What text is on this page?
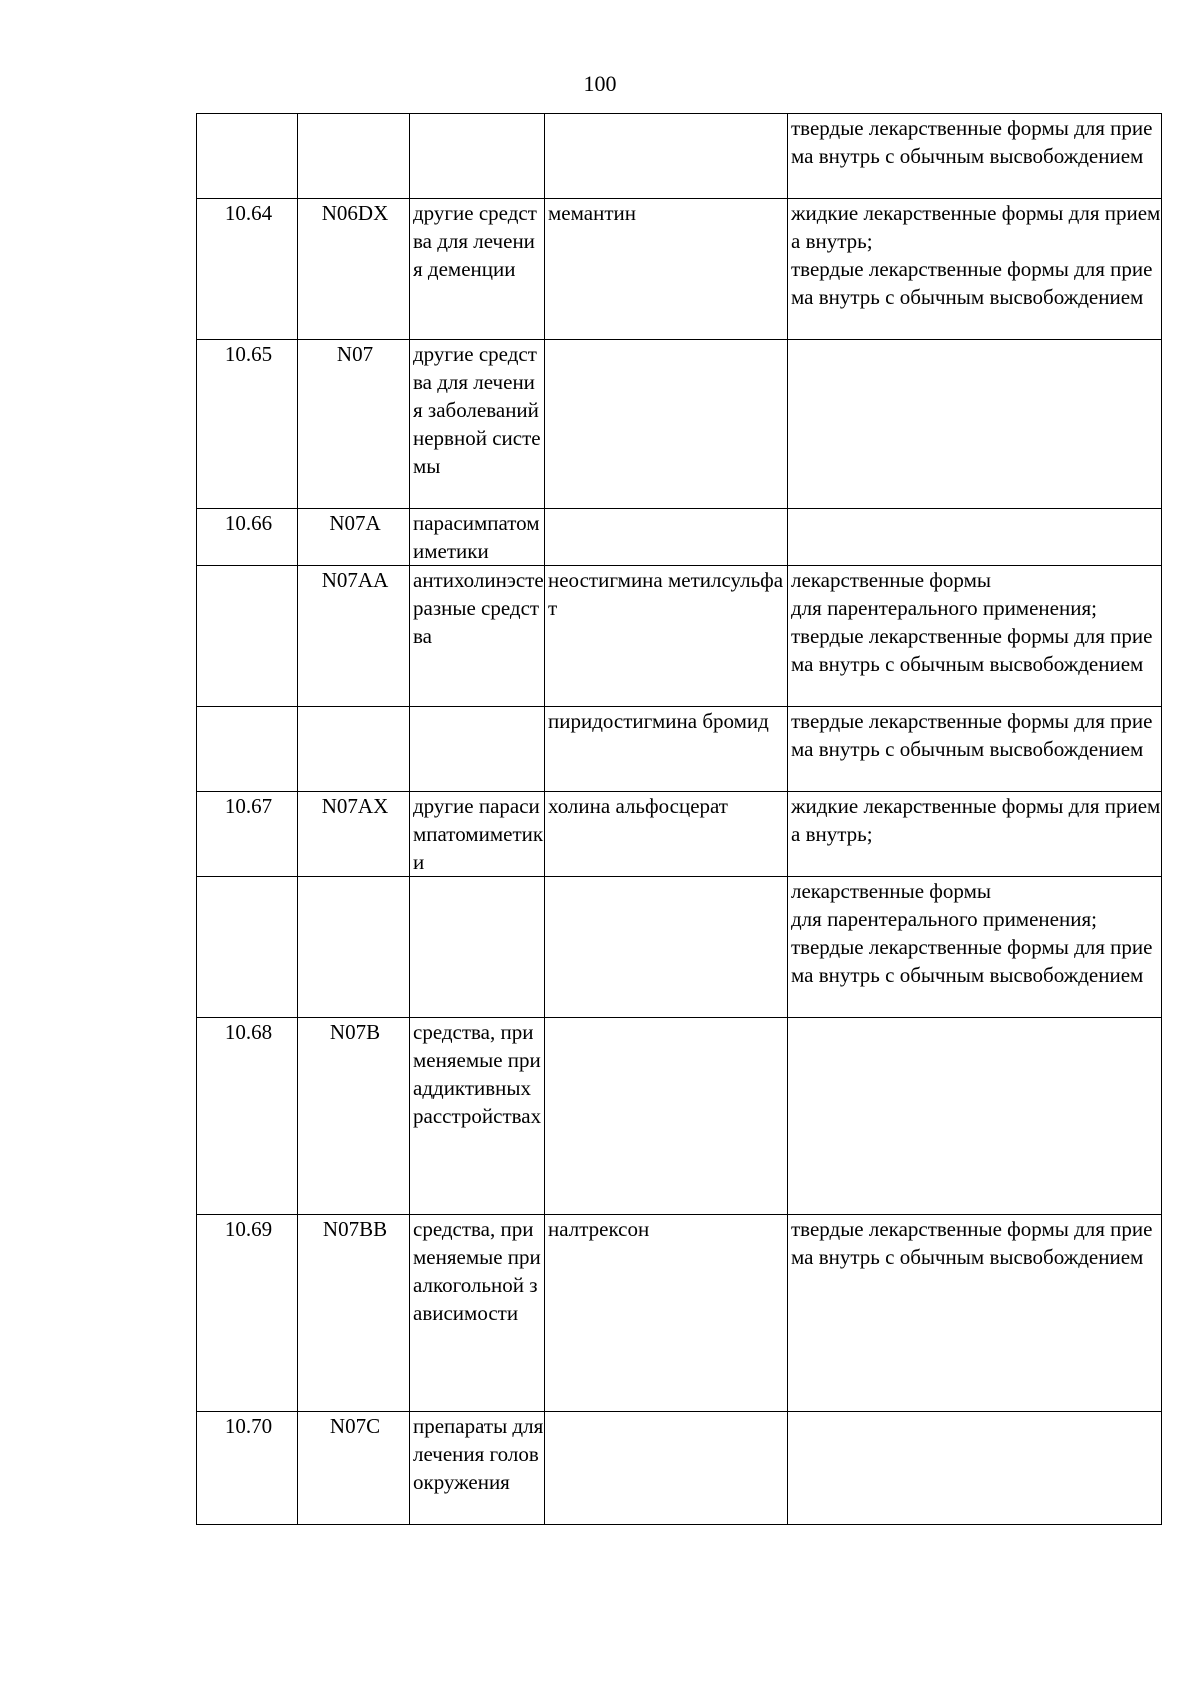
100

				твердые лекарственные формы для приема внутрь с обычным высвобождением

10.64	N06DX	другие средства для лечения деменции	мемантин	жидкие лекарственные формы для приема внутрь;
твердые лекарственные формы для приема внутрь с обычным высвобождением

10.65	N07	другие средства для лечения заболеваний нервной системы		
10.66	N07A	парасимпатомиметики		
	N07AA	антихолинэстеразные средства	неостигмина метилсульфат	лекарственные формы
для парентерального применения;
твердые лекарственные формы для приема внутрь с обычным высвобождением

			пиридостигмина бромид	твердые лекарственные формы для приема внутрь с обычным высвобождением

10.67	N07AX	другие парасимпатомиметики	холина альфосцерат	жидкие лекарственные формы для приема внутрь;

				лекарственные формы
для парентерального применения;
твердые лекарственные формы для приема внутрь с обычным высвобождением

10.68	N07B	средства, применяемые при аддиктивных расстройствах		
10.69	N07BB	средства, применяемые при алкогольной зависимости	налтрексон	твердые лекарственные формы для приема внутрь с обычным высвобождением

10.70	N07C	препараты для лечения головокружения		
